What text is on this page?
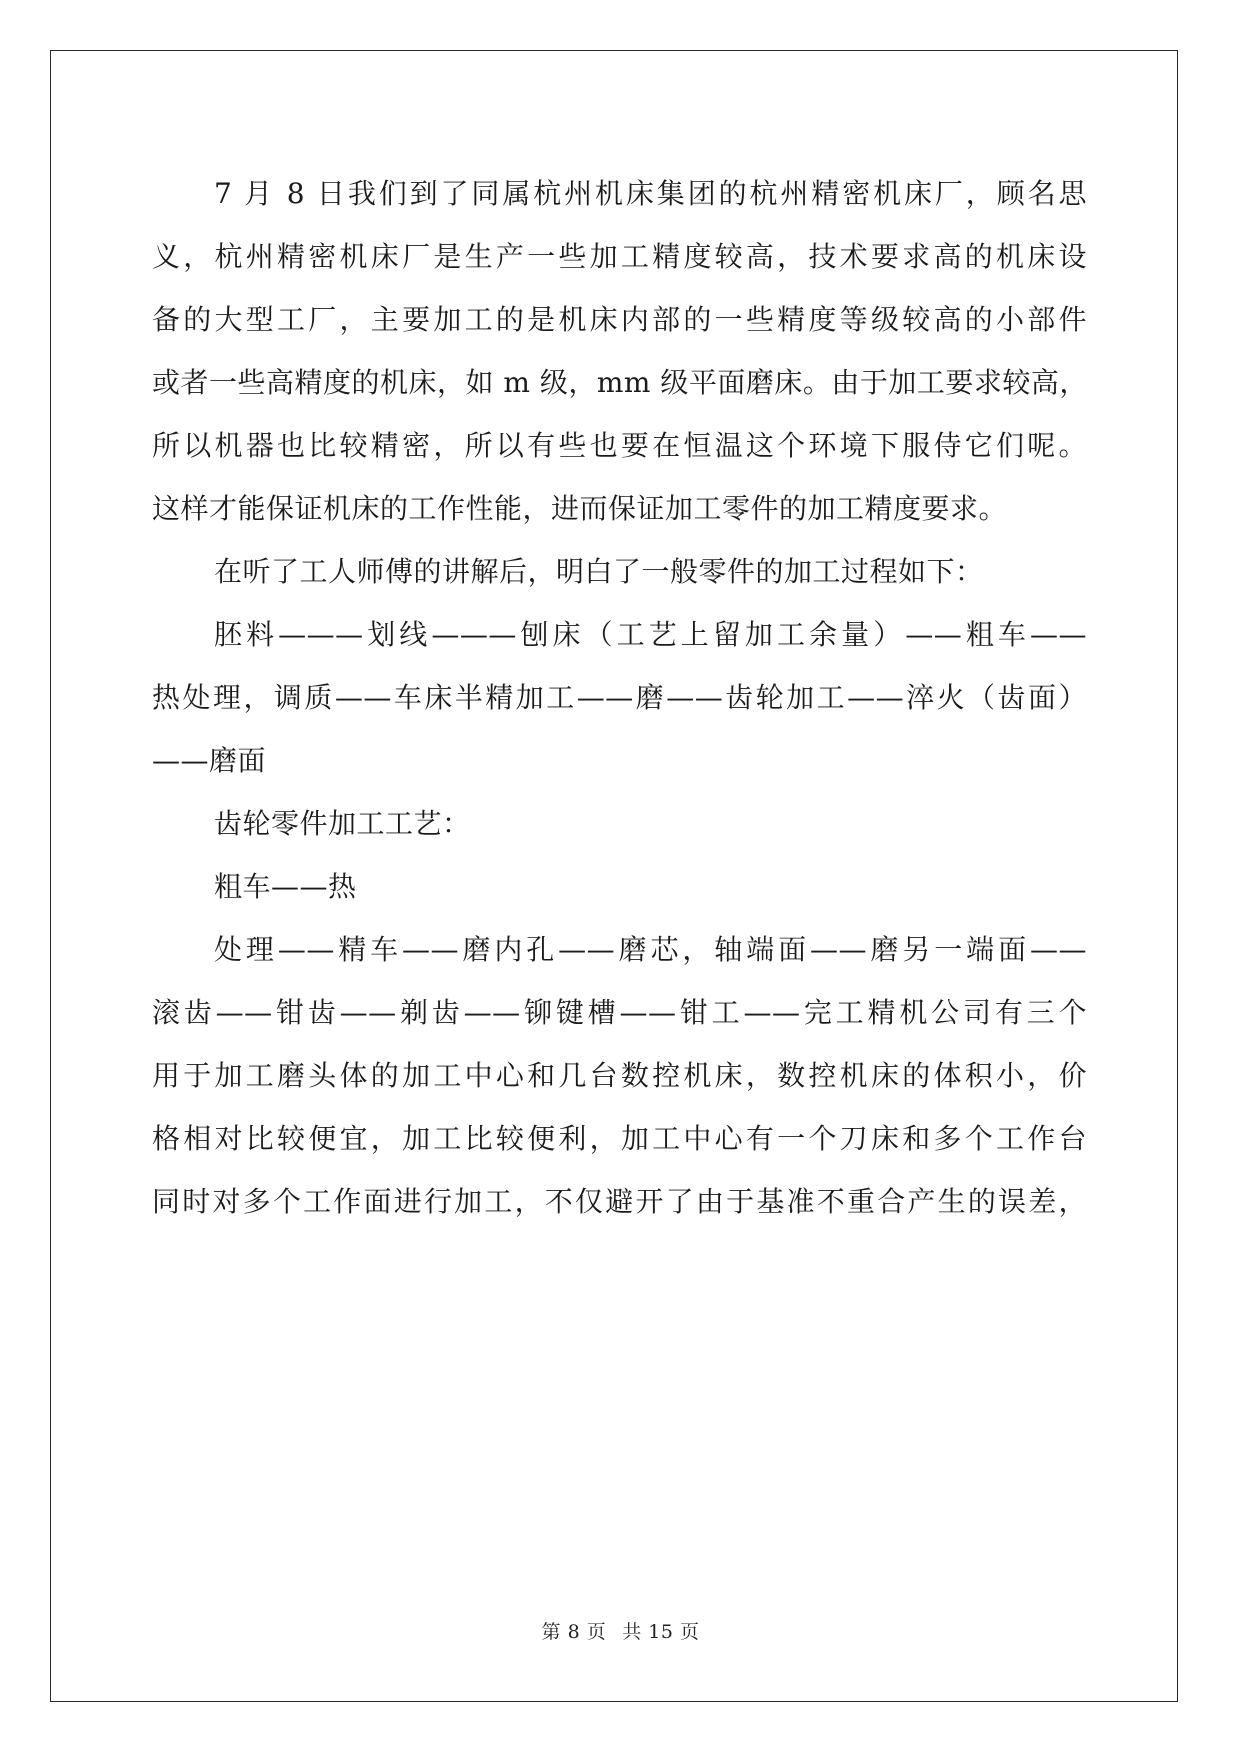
7 月 8 日我们到了同属杭州机床集团的杭州精密机床厂，顾名思
义，杭州精密机床厂是生产一些加工精度较高，技术要求高的机床设
备的大型工厂，主要加工的是机床内部的一些精度等级较高的小部件
或者一些高精度的机床，如 m 级，mm 级平面磨床。由于加工要求较高，
所以机器也比较精密，所以有些也要在恒温这个环境下服侍它们呢。
这样才能保证机床的工作性能，进而保证加工零件的加工精度要求。
在听了工人师傅的讲解后，明白了一般零件的加工过程如下：
胚料———划线———刨床（工艺上留加工余量）——粗车——
热处理，调质——车床半精加工——磨——齿轮加工——淬火（齿面）
——磨面
齿轮零件加工工艺：
粗车——热
处理——精车——磨内孔——磨芯，轴端面——磨另一端面——
滚齿——钳齿——剃齿——铆键槽——钳工——完工精机公司有三个
用于加工磨头体的加工中心和几台数控机床，数控机床的体积小，价
格相对比较便宜，加工比较便利，加工中心有一个刀床和多个工作台
同时对多个工作面进行加工，不仅避开了由于基准不重合产生的误差，
第 8 页 共 15 页
